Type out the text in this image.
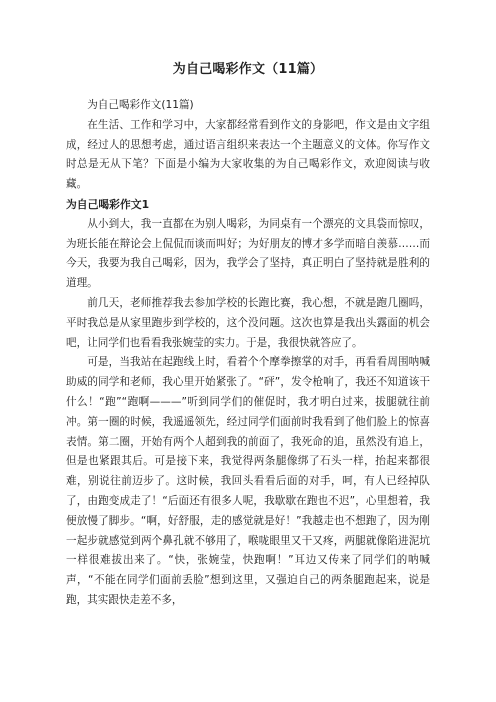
为自己喝彩作文（11篇）

为自己喝彩作文(11篇)

在生活、工作和学习中，大家都经常看到作文的身影吧，作文是由文字组成，经过人的思想考虑，通过语言组织来表达一个主题意义的文体。你写作文时总是无从下笔？下面是小编为大家收集的为自己喝彩作文，欢迎阅读与收藏。

为自己喝彩作文1

从小到大，我一直都在为别人喝彩，为同桌有一个漂亮的文具袋而惊叹，为班长能在辩论会上侃侃而谈而叫好；为好朋友的博才多学而暗自羡慕……而今天，我要为我自己喝彩，因为，我学会了坚持，真正明白了坚持就是胜利的道理。

前几天，老师推荐我去参加学校的长跑比赛，我心想，不就是跑几圈吗，平时我总是从家里跑步到学校的，这个没问题。这次也算是我出头露面的机会吧，让同学们也看看我张婉莹的实力。于是，我很快就答应了。

可是，当我站在起跑线上时，看着个个摩拳擦掌的对手，再看看周围呐喊助威的同学和老师，我心里开始紧张了。“砰”，发令枪响了，我还不知道该干什么！“跑”“跑啊———”听到同学们的催促时，我才明白过来，拔腿就往前冲。第一圈的时候，我遥遥领先，经过同学们面前时我看到了他们脸上的惊喜表情。第二圈，开始有两个人超到我的前面了，我死命的追，虽然没有追上，但是也紧跟其后。可是接下来，我觉得两条腿像绑了石头一样，抬起来都很难，别说往前迈步了。这时候，我回头看看后面的对手，呵，有人已经掉队了，由跑变成走了！“后面还有很多人呢，我歇歇在跑也不迟”，心里想着，我便放慢了脚步。“啊，好舒服，走的感觉就是好！”我越走也不想跑了，因为刚一起步就感觉到两个鼻孔就不够用了，喉咙眼里又干又疼，两腿就像陷进泥坑一样很难拔出来了。“快，张婉莹，快跑啊！”耳边又传来了同学们的呐喊声，“不能在同学们面前丢脸”想到这里，又强迫自己的两条腿跑起来，说是跑，其实跟快走差不多，
